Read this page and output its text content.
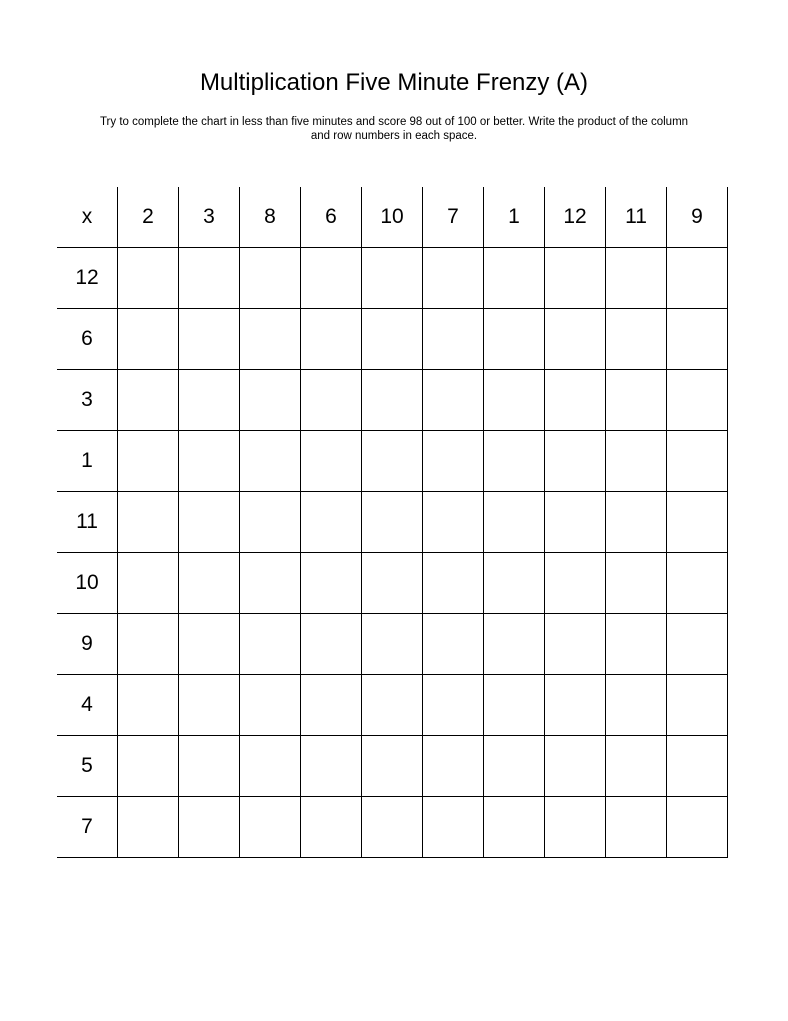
Multiplication Five Minute Frenzy (A)
Try to complete the chart in less than five minutes and score 98 out of 100 or better. Write the product of the column
and row numbers in each space.
x	2	3	8	6	10	7	1	12	11	9
12										
6										
3										
1										
11										
10										
9										
4										
5										
7										
